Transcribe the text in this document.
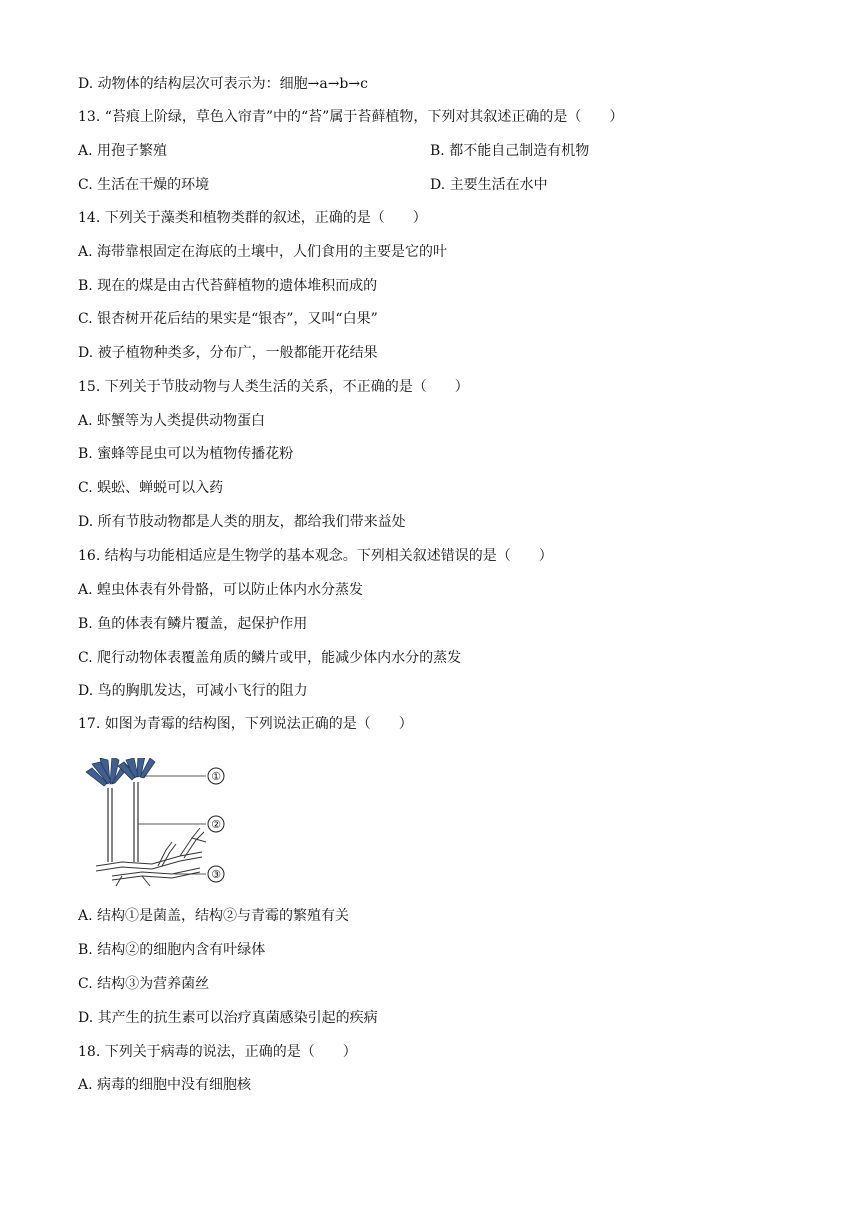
D. 动物体的结构层次可表示为：细胞→a→b→c
13. “苔痕上阶绿，草色入帘青”中的“苔”属于苔藓植物，下列对其叙述正确的是（　　）
A. 用孢子繁殖	B. 都不能自己制造有机物
C. 生活在干燥的环境	D. 主要生活在水中
14. 下列关于藻类和植物类群的叙述，正确的是（　　）
A. 海带靠根固定在海底的土壤中，人们食用的主要是它的叶
B. 现在的煤是由古代苔藓植物的遗体堆积而成的
C. 银杏树开花后结的果实是“银杏”，又叫“白果”
D. 被子植物种类多，分布广，一般都能开花结果
15. 下列关于节肢动物与人类生活的关系，不正确的是（　　）
A. 虾蟹等为人类提供动物蛋白
B. 蜜蜂等昆虫可以为植物传播花粉
C. 蜈蚣、蝉蜕可以入药
D. 所有节肢动物都是人类的朋友，都给我们带来益处
16. 结构与功能相适应是生物学的基本观念。下列相关叙述错误的是（　　）
A. 蝗虫体表有外骨骼，可以防止体内水分蒸发
B. 鱼的体表有鳞片覆盖，起保护作用
C. 爬行动物体表覆盖角质的鳞片或甲，能减少体内水分的蒸发
D. 鸟的胸肌发达，可减小飞行的阻力
17. 如图为青霉的结构图，下列说法正确的是（　　）
①
②
③
A. 结构①是菌盖，结构②与青霉的繁殖有关
B. 结构②的细胞内含有叶绿体
C. 结构③为营养菌丝
D. 其产生的抗生素可以治疗真菌感染引起的疾病
18. 下列关于病毒的说法，正确的是（　　）
A. 病毒的细胞中没有细胞核
